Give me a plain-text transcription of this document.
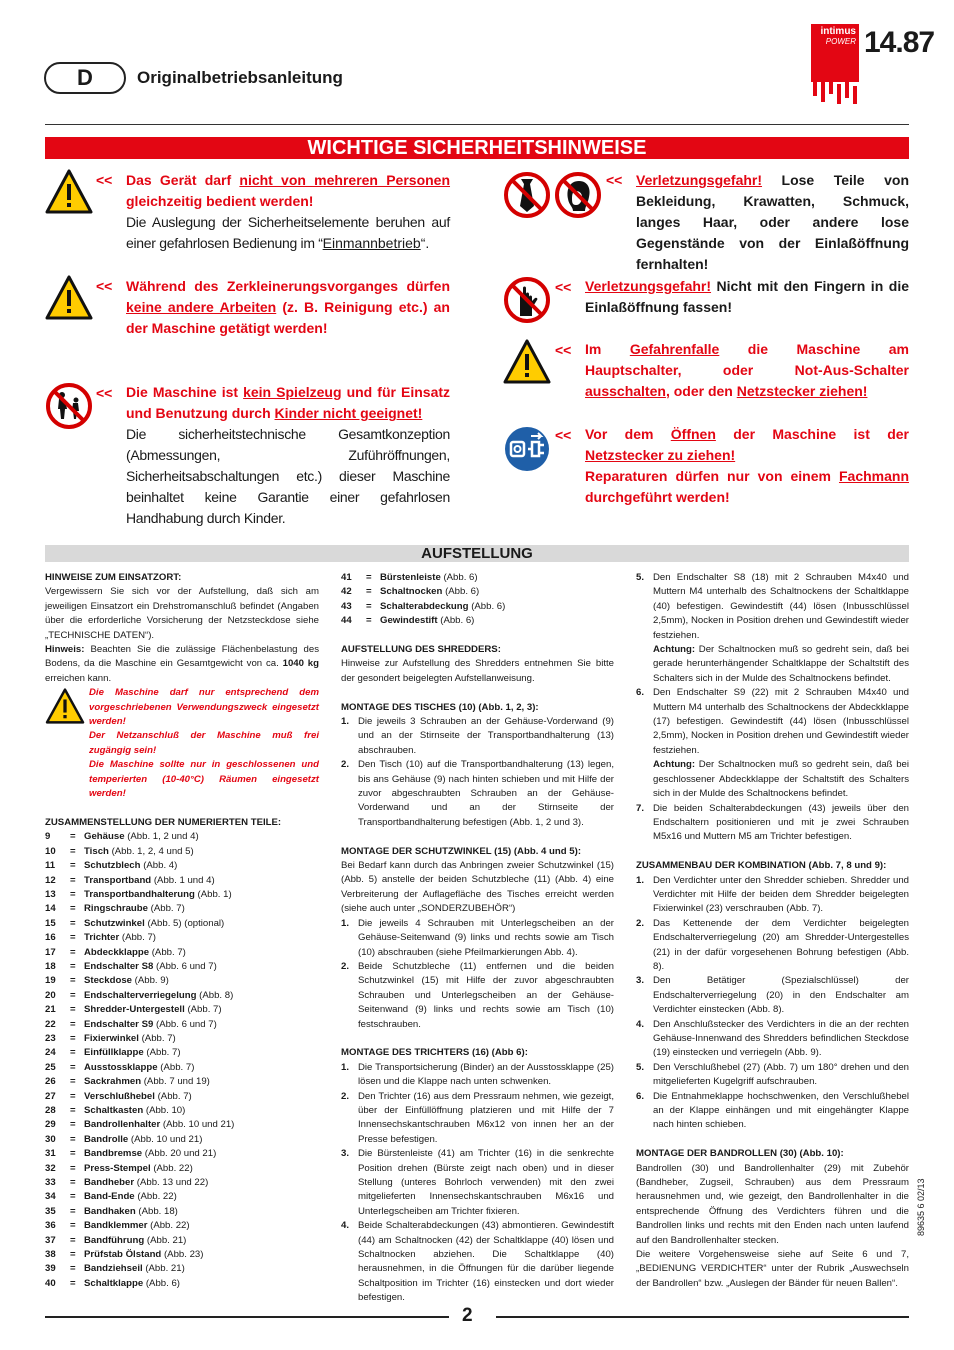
D	Originalbetriebsanleitung
intimus
POWER 14.87
WICHTIGE SICHERHEITSHINWEISE
<< Das Gerät darf nicht von mehreren Personen gleichzeitig bedient werden!
Die Auslegung der Sicherheitselemente beruhen auf einer gefahrlosen Bedienung im “Einmannbetrieb“.
<< Während des Zerkleinerungsvorganges dürfen keine andere Arbeiten (z. B. Reinigung etc.) an der Maschine getätigt werden!
<< Die Maschine ist kein Spielzeug und für Einsatz und Benutzung durch Kinder nicht geeignet!
Die sicherheitstechnische Gesamtkonzeption (Abmessungen, Zuführöffnungen, Sicherheitsabschaltungen etc.) dieser Maschine beinhaltet keine Garantie einer gefahrlosen Handhabung durch Kinder.
<< Verletzungsgefahr! Lose Teile von Bekleidung, Krawatten, Schmuck, langes Haar, oder andere lose Gegenstände von der Einlaßöffnung fernhalten!
<< Verletzungsgefahr! Nicht mit den Fingern in die Einlaßöffnung fassen!
<< Im Gefahrenfalle die Maschine am Hauptschalter, oder Not-Aus-Schalter ausschalten, oder den Netzstecker ziehen!
<< Vor dem Öffnen der Maschine ist der Netzstecker zu ziehen!
Reparaturen dürfen nur von einem Fachmann durchgeführt werden!
AUFSTELLUNG
HINWEISE ZUM EINSATZORT:
Vergewissern Sie sich vor der Aufstellung, daß sich am jeweiligen Einsatzort ein Drehstromanschluß befindet (Angaben über die erforderliche Vorsicherung der Netzsteckdose siehe „TECHNISCHE DATEN“).
Hinweis: Beachten Sie die zulässige Flächenbelastung des Bodens, da die Maschine ein Gesamtgewicht von ca. 1040 kg erreichen kann.
Die Maschine darf nur entsprechend dem vorgeschriebenen Verwendungszweck eingesetzt werden!
Der Netzanschluß der Maschine muß frei zugängig sein!
Die Maschine sollte nur in geschlossenen und temperierten (10-40°C) Räumen eingesetzt werden!
ZUSAMMENSTELLUNG DER NUMERIERTEN TEILE:
9	= Gehäuse (Abb. 1, 2 und 4)
10	= Tisch (Abb. 1, 2, 4 und 5)
11	= Schutzblech (Abb. 4)
12	= Transportband (Abb. 1 und 4)
13	= Transportbandhalterung (Abb. 1)
14	= Ringschraube (Abb. 7)
15	= Schutzwinkel (Abb. 5) (optional)
16	= Trichter (Abb. 7)
17	= Abdeckklappe (Abb. 7)
18	= Endschalter S8 (Abb. 6 und 7)
19	= Steckdose (Abb. 9)
20	= Endschalterverriegelung (Abb. 8)
21	= Shredder-Untergestell (Abb. 7)
22	= Endschalter S9 (Abb. 6 und 7)
23	= Fixierwinkel (Abb. 7)
24	= Einfüllklappe (Abb. 7)
25	= Ausstossklappe (Abb. 7)
26	= Sackrahmen (Abb. 7 und 19)
27	= Verschlußhebel (Abb. 7)
28	= Schaltkasten (Abb. 10)
29	= Bandrollenhalter (Abb. 10 und 21)
30	= Bandrolle (Abb. 10 und 21)
31	= Bandbremse (Abb. 20 und 21)
32	= Press-Stempel (Abb. 22)
33	= Bandheber (Abb. 13 und 22)
34	= Band-Ende (Abb. 22)
35	= Bandhaken (Abb. 18)
36	= Bandklemmer (Abb. 22)
37	= Bandführung (Abb. 21)
38	= Prüfstab Ölstand (Abb. 23)
39	= Bandziehseil (Abb. 21)
40	= Schaltklappe (Abb. 6)
41	= Bürstenleiste (Abb. 6)
42	= Schaltnocken (Abb. 6)
43	= Schalterabdeckung (Abb. 6)
44	= Gewindestift (Abb. 6)
AUFSTELLUNG DES SHREDDERS:
Hinweise zur Aufstellung des Shredders entnehmen Sie bitte der gesondert beigelegten Aufstellanweisung.
MONTAGE DES TISCHES (10) (Abb. 1, 2, 3):
1. Die jeweils 3 Schrauben an der Gehäuse-Vorderwand (9) und an der Stirnseite der Transportbandhalterung (13) abschrauben.
2. Den Tisch (10) auf die Transportbandhalterung (13) legen, bis ans Gehäuse (9) nach hinten schieben und mit Hilfe der zuvor abgeschraubten Schrauben an der Gehäuse-Vorderwand und an der Stirnseite der Transportbandhalterung befestigen (Abb. 1, 2 und 3).
MONTAGE DER SCHUTZWINKEL (15) (Abb. 4 und 5):
Bei Bedarf kann durch das Anbringen zweier Schutzwinkel (15) (Abb. 5) anstelle der beiden Schutzbleche (11) (Abb. 4) eine Verbreiterung der Auflagefläche des Tisches erreicht werden (siehe auch unter „SONDERZUBEHÖR“)
1. Die jeweils 4 Schrauben mit Unterlegscheiben an der Gehäuse-Seitenwand (9) links und rechts sowie am Tisch (10) abschrauben (siehe Pfeilmarkierungen Abb. 4).
2. Beide Schutzbleche (11) entfernen und die beiden Schutzwinkel (15) mit Hilfe der zuvor abgeschraubten Schrauben und Unterlegscheiben an der Gehäuse-Seitenwand (9) links und rechts sowie am Tisch (10) festschrauben.
MONTAGE DES TRICHTERS (16) (Abb 6):
1. Die Transportsicherung (Binder) an der Ausstossklappe (25) lösen und die Klappe nach unten schwenken.
2. Den Trichter (16) aus dem Pressraum nehmen, wie gezeigt, über der Einfüllöffnung platzieren und mit Hilfe der 7 Innensechskantschrauben M6x12 von innen her an der Presse befestigen.
3. Die Bürstenleiste (41) am Trichter (16) in die senkrechte Position drehen (Bürste zeigt nach oben) und in dieser Stellung (unteres Bohrloch verwenden) mit den zwei mitgelieferten Innensechskantschrauben M6x16 und Unterlegscheiben am Trichter fixieren.
4. Beide Schalterabdeckungen (43) abmontieren. Gewindestift (44) am Schaltnocken (42) der Schaltklappe (40) lösen und Schaltnocken abziehen. Die Schaltklappe (40) herausnehmen, in die Öffnungen für die darüber liegende Schaltposition im Trichter (16) einstecken und dort wieder befestigen.
5. Den Endschalter S8 (18) mit 2 Schrauben M4x40 und Muttern M4 unterhalb des Schaltnockens der Schaltklappe (40) befestigen. Gewindestift (44) lösen (Inbusschlüssel 2,5mm), Nocken in Position drehen und Gewindestift wieder festziehen.
Achtung: Der Schaltnocken muß so gedreht sein, daß bei gerade herunterhängender Schaltklappe der Schaltstift des Schalters sich in der Mulde des Schaltnockens befindet.
6. Den Endschalter S9 (22) mit 2 Schrauben M4x40 und Muttern M4 unterhalb des Schaltnockens der Abdeckklappe (17) befestigen. Gewindestift (44) lösen (Inbusschlüssel 2,5mm), Nocken in Position drehen und Gewindestift wieder festziehen.
Achtung: Der Schaltnocken muß so gedreht sein, daß bei geschlossener Abdeckklappe der Schaltstift des Schalters sich in der Mulde des Schaltnockens befindet.
7. Die beiden Schalterabdeckungen (43) jeweils über den Endschaltern positionieren und mit je zwei Schrauben M5x16 und Muttern M5 am Trichter befestigen.
ZUSAMMENBAU DER KOMBINATION (Abb. 7, 8 und 9):
1. Den Verdichter unter den Shredder schieben. Shredder und Verdichter mit Hilfe der beiden dem Shredder beigelegten Fixierwinkel (23) verschrauben (Abb. 7).
2. Das Kettenende der dem Verdichter beigelegten Endschalterverriegelung (20) am Shredder-Untergestelles (21) in der dafür vorgesehenen Bohrung befestigen (Abb. 8).
3. Den Betätiger (Spezialschlüssel) der Endschalterverriegelung (20) in den Endschalter am Verdichter einstecken (Abb. 8).
4. Den Anschlußstecker des Verdichters in die an der rechten Gehäuse-Innenwand des Shredders befindlichen Steckdose (19) einstecken und verriegeln (Abb. 9).
5. Den Verschlußhebel (27) (Abb. 7) um 180° drehen und den mitgelieferten Kugelgriff aufschrauben.
6. Die Entnahmeklappe hochschwenken, den Verschlußhebel an der Klappe einhängen und mit eingehängter Klappe nach hinten schieben.
MONTAGE DER BANDROLLEN (30) (Abb. 10):
Bandrollen (30) und Bandrollenhalter (29) mit Zubehör (Bandheber, Zugseil, Schrauben) aus dem Pressraum herausnehmen und, wie gezeigt, den Bandrollenhalter in die entsprechende Öffnung des Verdichters führen und die Bandrollen links und rechts mit den Enden nach unten laufend auf den Bandrollenhalter stecken.
Die weitere Vorgehensweise siehe auf Seite 6 und 7, „BEDIENUNG VERDICHTER“ unter der Rubrik „Auswechseln der Bandrollen“ bzw. „Auslegen der Bänder für neuen Ballen“.
2
89635 6 02/13
